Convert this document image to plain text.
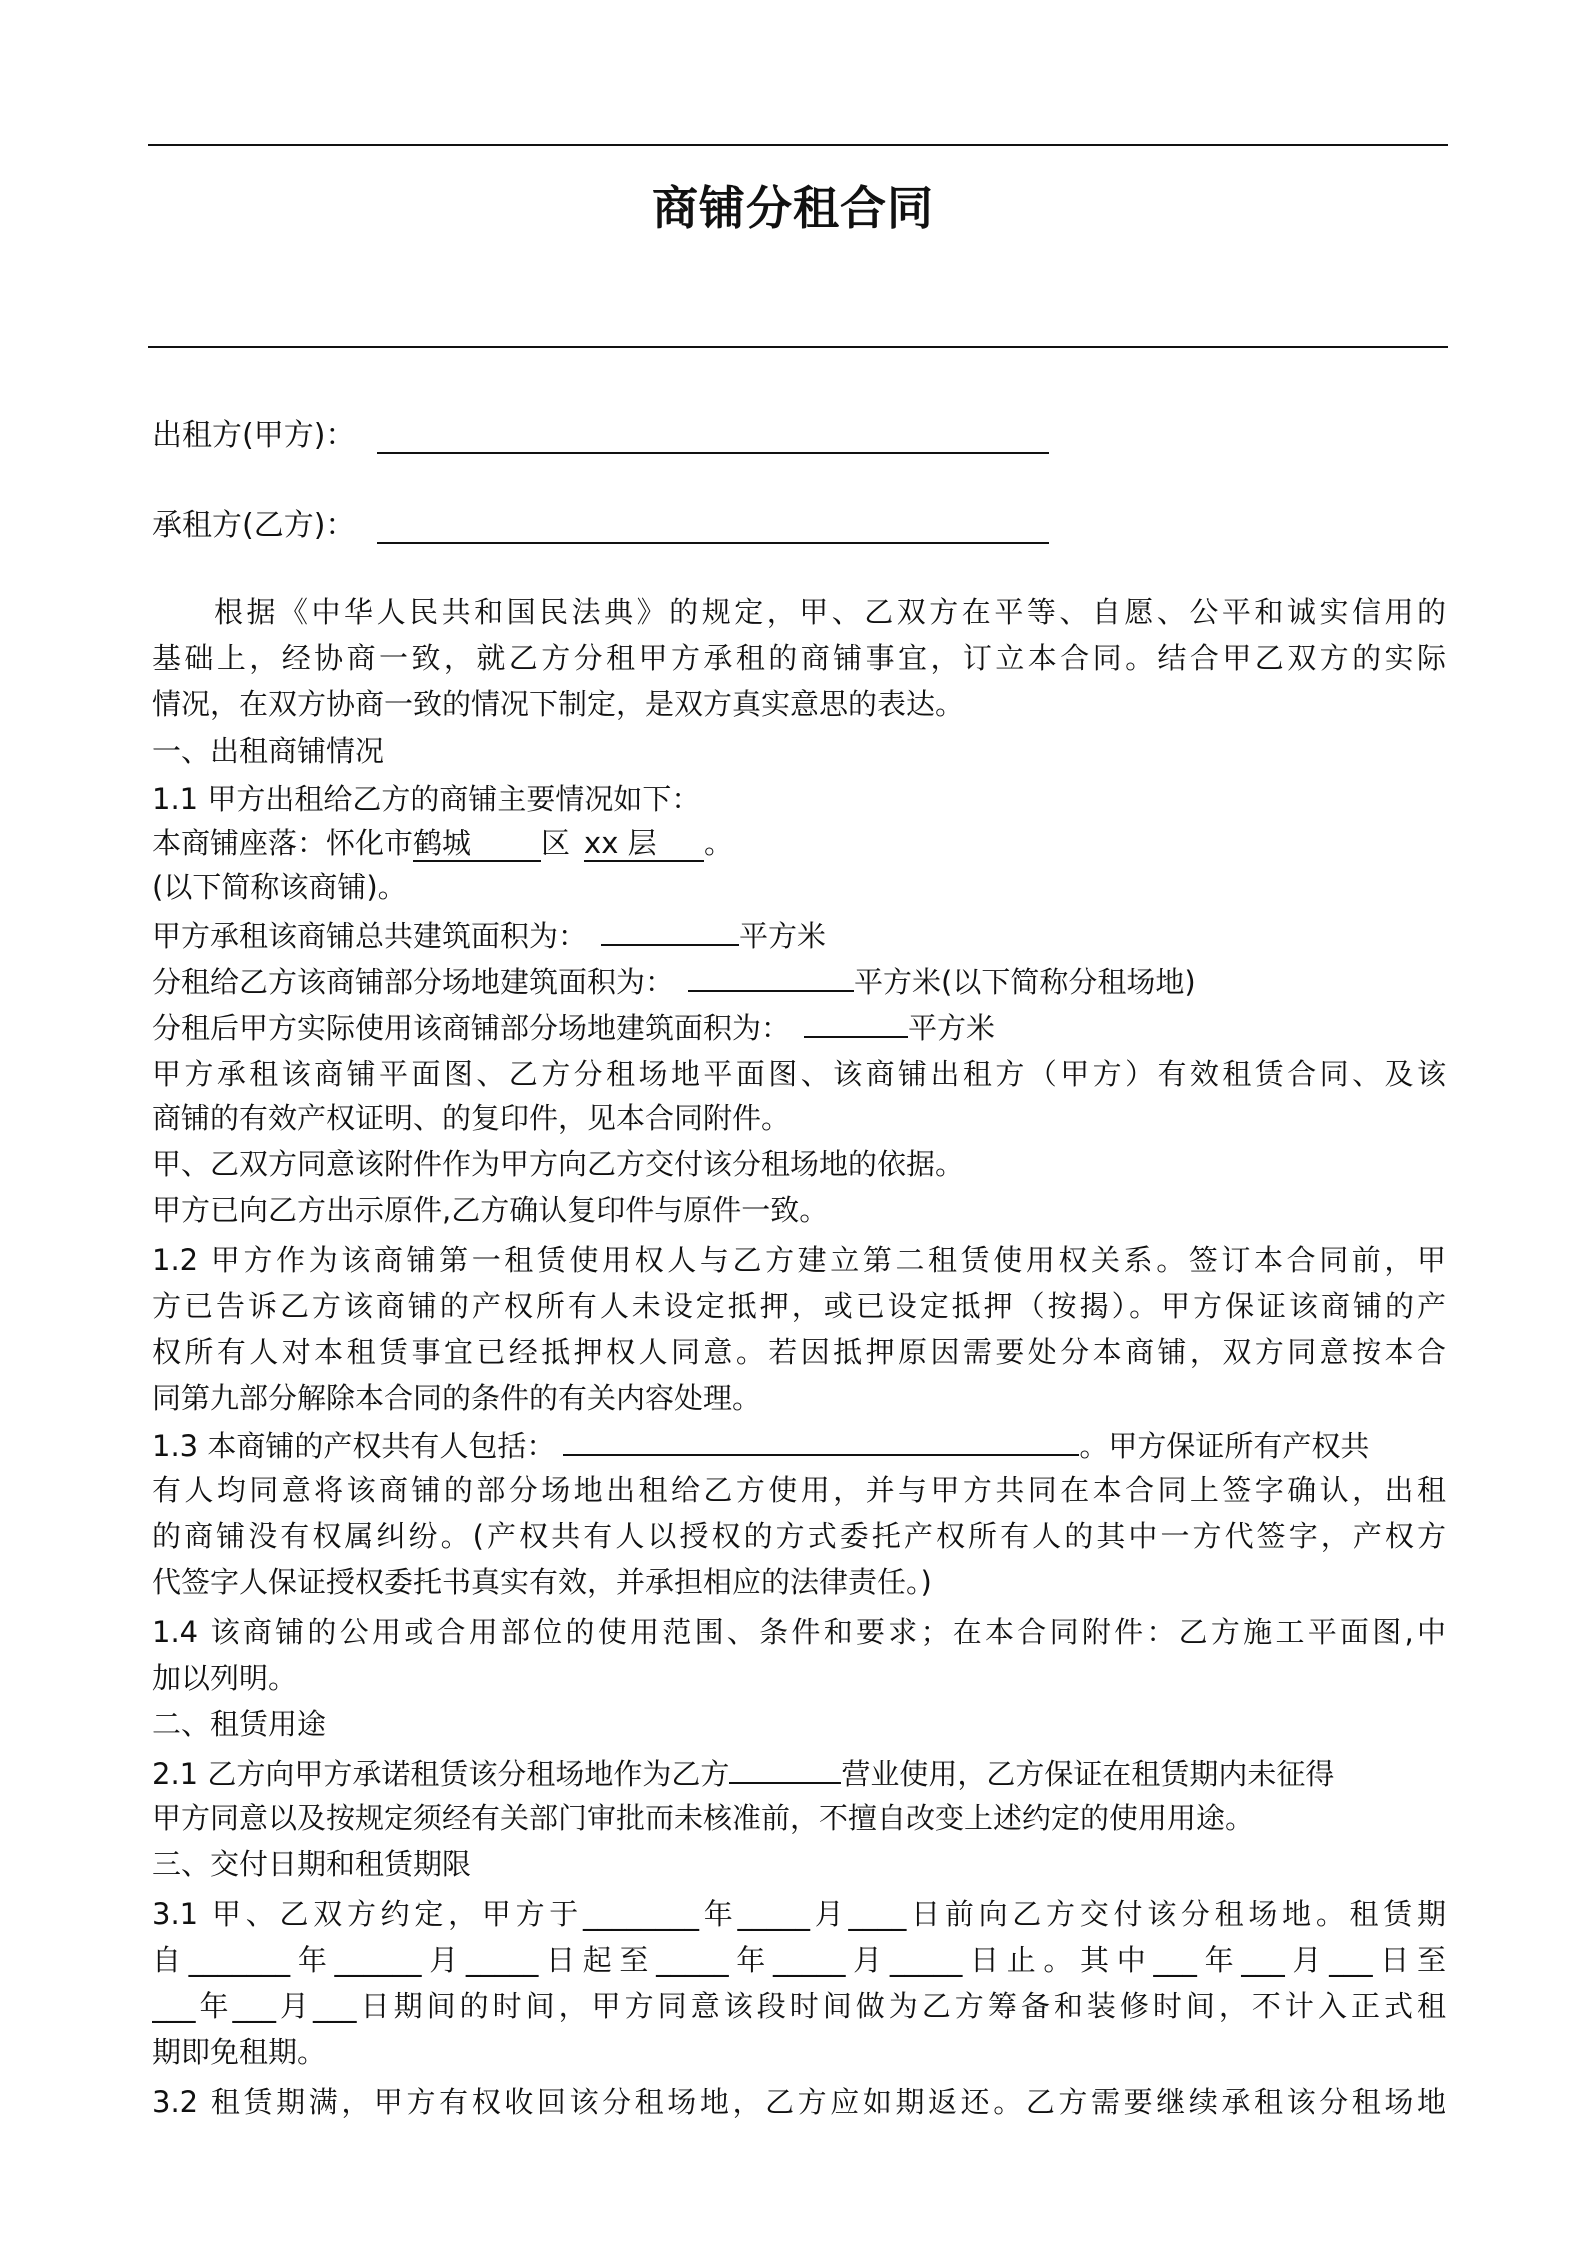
商铺分租合同
出租方(甲方)：
承租方(乙方)：
根据《中华人民共和国民法典》的规定，甲、乙双方在平等、自愿、公平和诚实信用的
基础上，经协商一致，就乙方分租甲方承租的商铺事宜，订立本合同。结合甲乙双方的实际
情况，在双方协商一致的情况下制定，是双方真实意思的表达。
一、出租商铺情况
1.1 甲方出租给乙方的商铺主要情况如下：
本商铺座落：怀化市鹤城 区 xx 层 。
(以下简称该商铺)。
甲方承租该商铺总共建筑面积为：	平方米
分租给乙方该商铺部分场地建筑面积为：	平方米(以下简称分租场地)
分租后甲方实际使用该商铺部分场地建筑面积为：	平方米
甲方承租该商铺平面图、乙方分租场地平面图、该商铺出租方（甲方）有效租赁合同、及该
商铺的有效产权证明、的复印件，见本合同附件。
甲、乙双方同意该附件作为甲方向乙方交付该分租场地的依据。
甲方已向乙方出示原件,乙方确认复印件与原件一致。
1.2 甲方作为该商铺第一租赁使用权人与乙方建立第二租赁使用权关系。签订本合同前，甲
方已告诉乙方该商铺的产权所有人未设定抵押，或已设定抵押（按揭）。甲方保证该商铺的产
权所有人对本租赁事宜已经抵押权人同意。若因抵押原因需要处分本商铺，双方同意按本合
同第九部分解除本合同的条件的有关内容处理。
1.3 本商铺的产权共有人包括：	。甲方保证所有产权共
有人均同意将该商铺的部分场地出租给乙方使用，并与甲方共同在本合同上签字确认，出租
的商铺没有权属纠纷。(产权共有人以授权的方式委托产权所有人的其中一方代签字，产权方
代签字人保证授权委托书真实有效，并承担相应的法律责任。)
1.4 该商铺的公用或合用部位的使用范围、条件和要求；在本合同附件：乙方施工平面图,中
加以列明。
二、租赁用途
2.1 乙方向甲方承诺租赁该分租场地作为乙方	营业使用，乙方保证在租赁期内未征得
甲方同意以及按规定须经有关部门审批而未核准前，不擅自改变上述约定的使用用途。
三、交付日期和租赁期限
3.1 甲、乙双方约定，甲方于________年_____月____日前向乙方交付该分租场地。租赁期
自_______年______月_____日起至_____年_____月_____日止。其中___年___月___日至
___年___月___日期间的时间，甲方同意该段时间做为乙方筹备和装修时间，不计入正式租
期即免租期。
3.2 租赁期满，甲方有权收回该分租场地，乙方应如期返还。乙方需要继续承租该分租场地
